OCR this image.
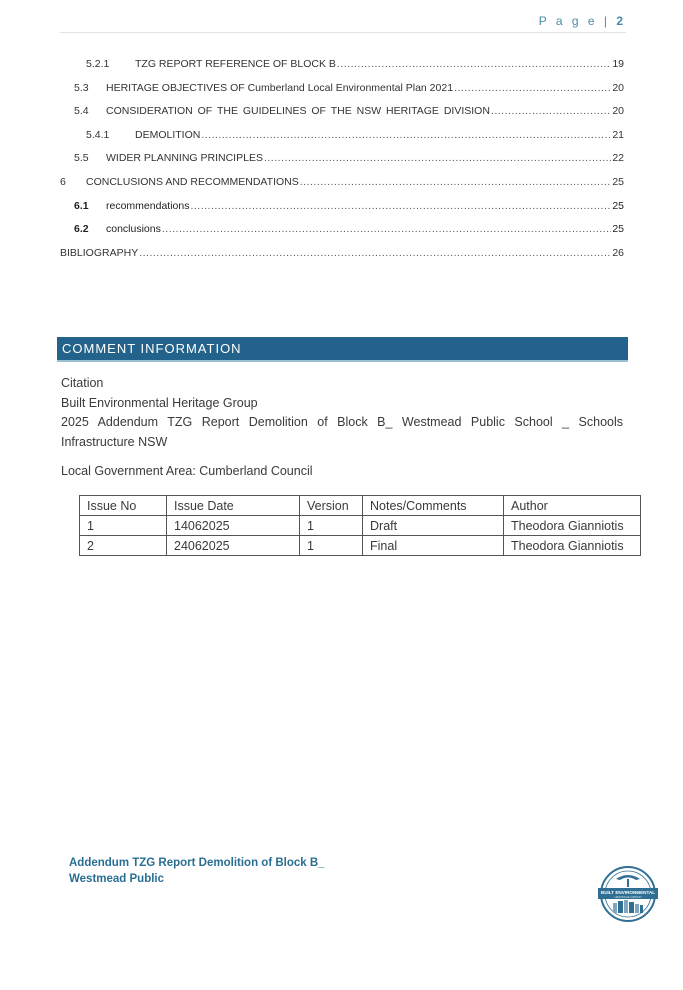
P a g e | 2
5.2.1	TZG REPORT REFERENCE OF BLOCK B .....	19
5.3	HERITAGE OBJECTIVES OF Cumberland Local Environmental Plan 2021 .....	20
5.4	CONSIDERATION OF THE GUIDELINES OF THE NSW HERITAGE DIVISION .....	20
5.4.1	DEMOLITION .....	21
5.5	WIDER PLANNING PRINCIPLES .....	22
6	CONCLUSIONS AND RECOMMENDATIONS .....	25
6.1	recommendations .....	25
6.2	conclusions .....	25
BIBLIOGRAPHY .....	26
COMMENT INFORMATION

Citation

Built Environmental Heritage Group

2025 Addendum TZG Report Demolition of Block B_ Westmead Public School _ Schools Infrastructure NSW

Local Government Area: Cumberland Council

Issue No	Issue Date	Version	Notes/Comments	Author
1	14062025	1	Draft	Theodora Gianniotis
2	24062025	1	Final	Theodora Gianniotis
Addendum TZG Report Demolition of Block B_
Westmead Public
BUILT ENVIRONMENTAL
HERITAGE GROUP
